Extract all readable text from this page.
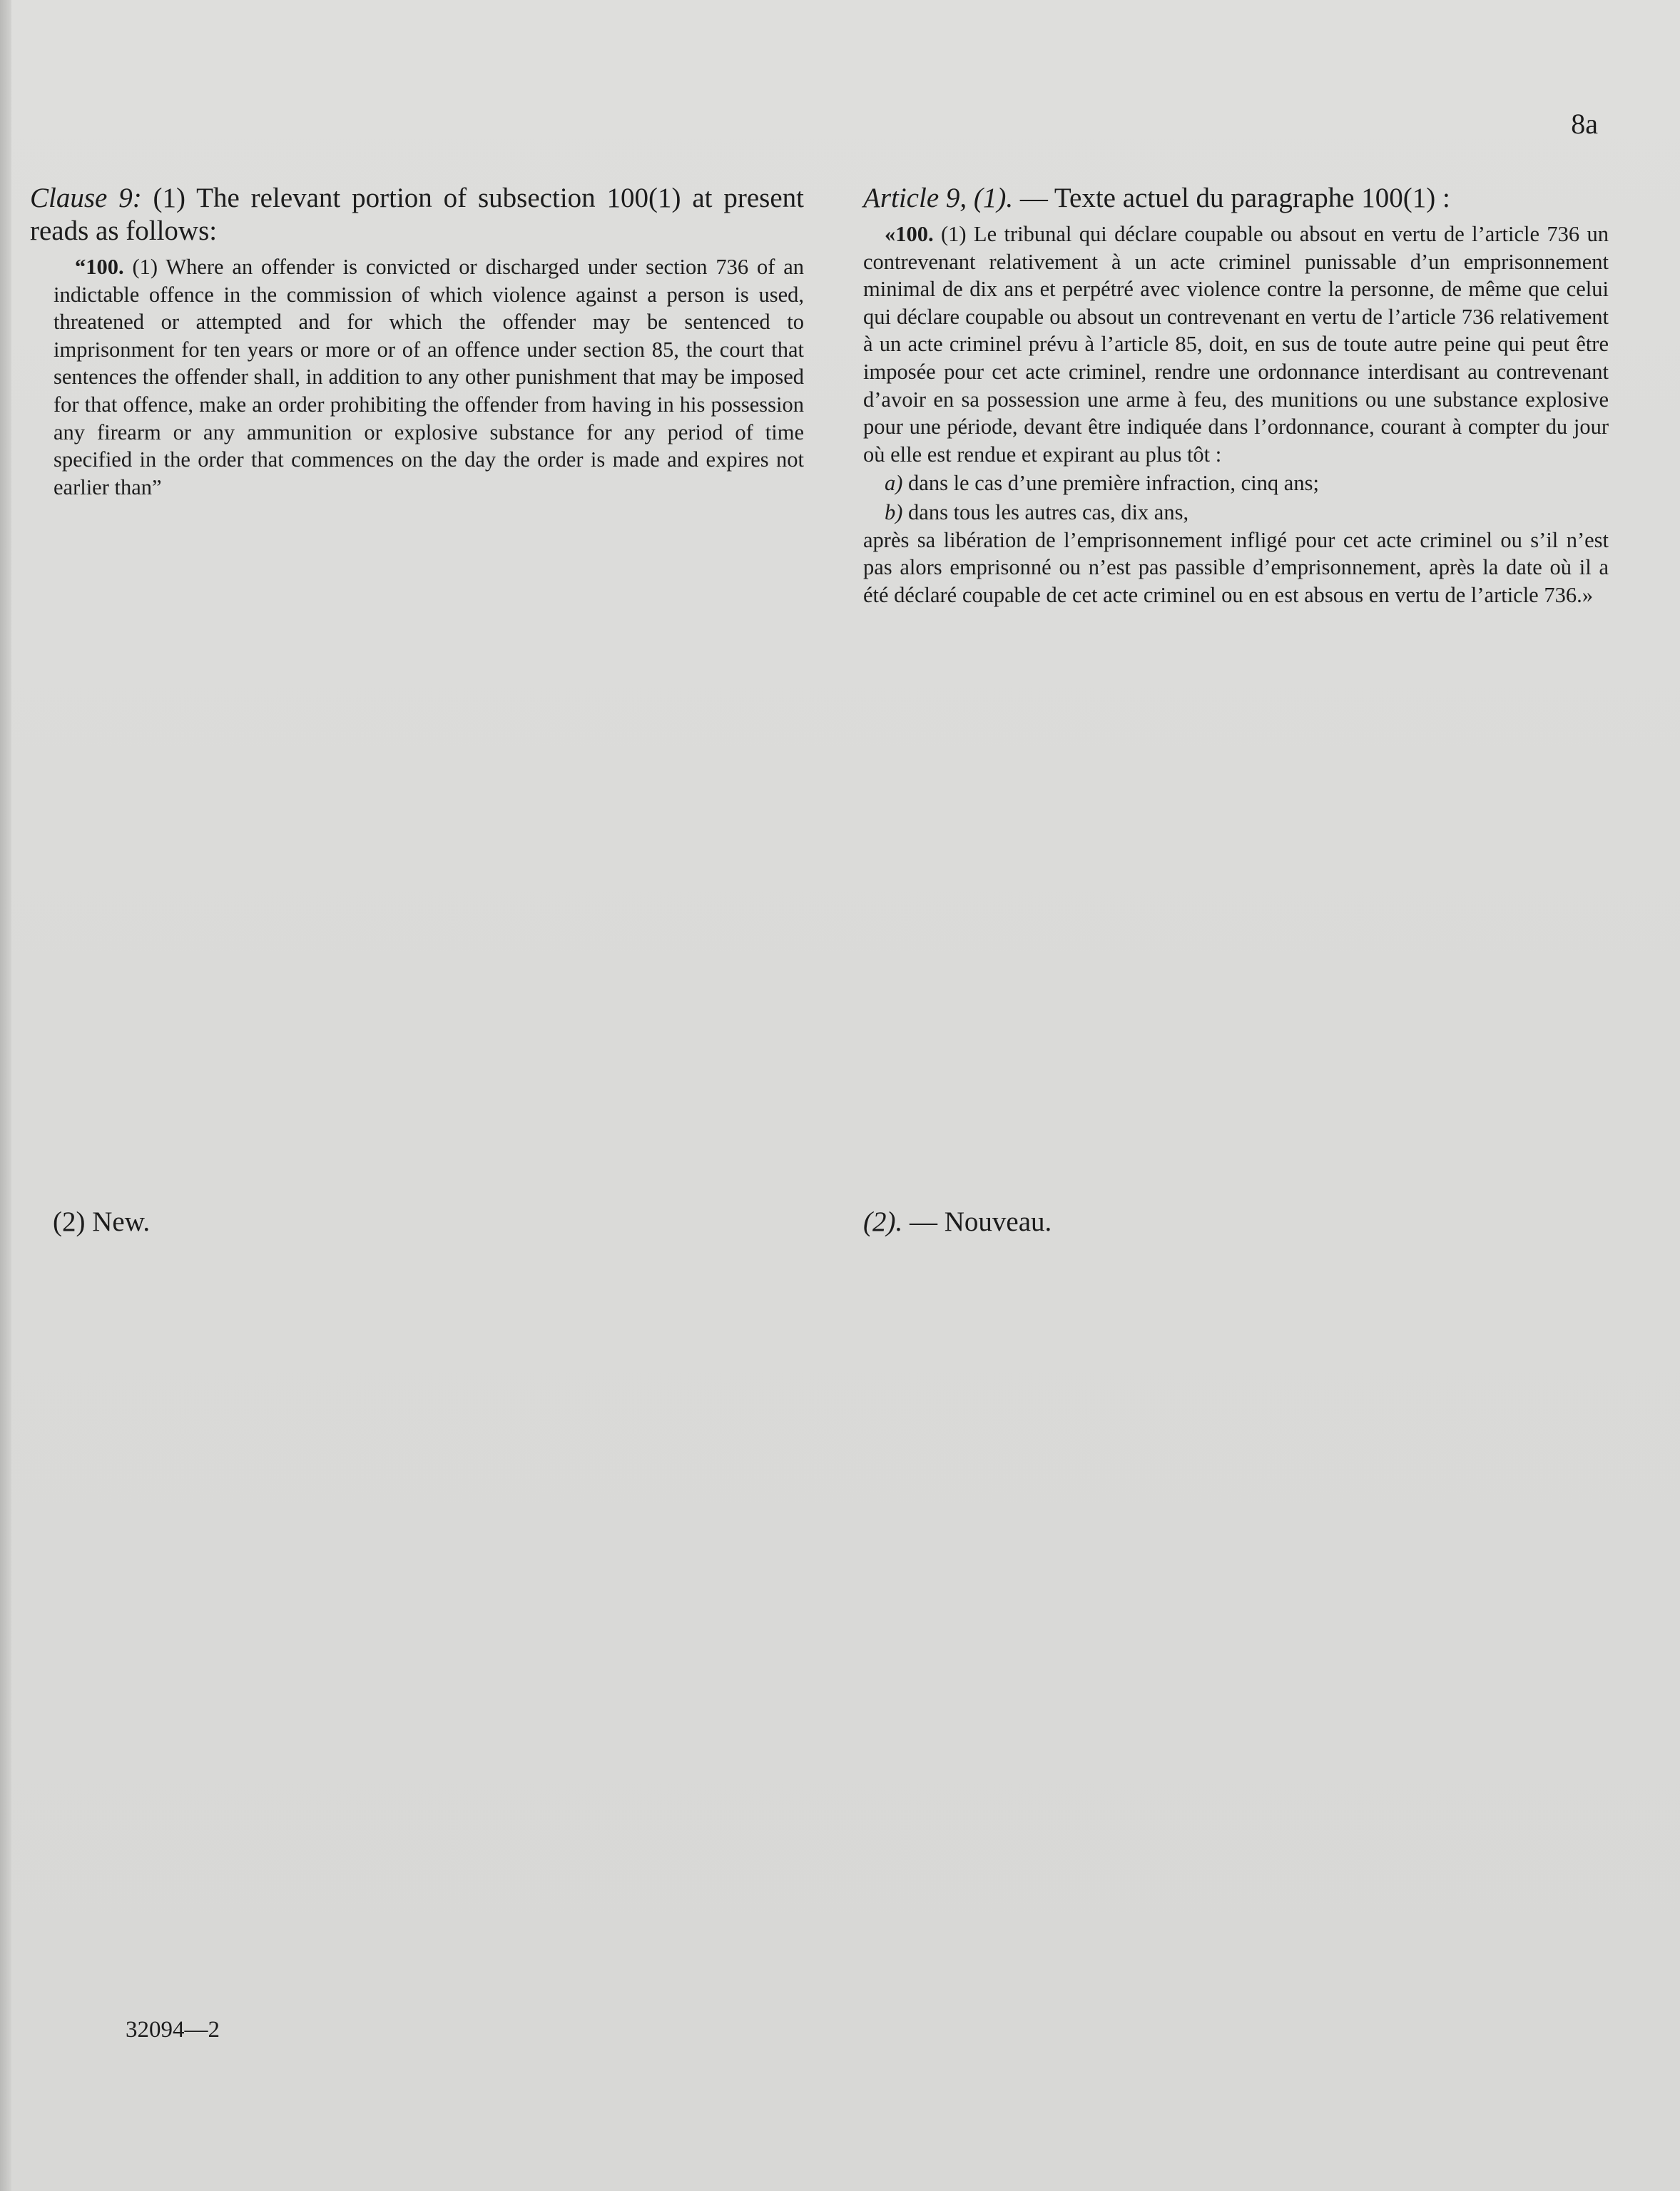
8a

Clause 9: (1) The relevant portion of subsection 100(1) at present reads as follows:

“100. (1) Where an offender is convicted or discharged under section 736 of an indictable offence in the commission of which violence against a person is used, threatened or attempted and for which the offender may be sentenced to imprisonment for ten years or more or of an offence under section 85, the court that sentences the offender shall, in addition to any other punishment that may be imposed for that offence, make an order prohibiting the offender from having in his possession any firearm or any ammunition or explosive substance for any period of time specified in the order that commences on the day the order is made and expires not earlier than”

Article 9, (1). — Texte actuel du paragraphe 100(1) :

«100. (1) Le tribunal qui déclare coupable ou absout en vertu de l’article 736 un contrevenant relativement à un acte criminel punissable d’un emprisonnement minimal de dix ans et perpétré avec violence contre la personne, de même que celui qui déclare coupable ou absout un contrevenant en vertu de l’article 736 relativement à un acte criminel prévu à l’article 85, doit, en sus de toute autre peine qui peut être imposée pour cet acte criminel, rendre une ordonnance interdisant au contrevenant d’avoir en sa possession une arme à feu, des munitions ou une substance explosive pour une période, devant être indiquée dans l’ordonnance, courant à compter du jour où elle est rendue et expirant au plus tôt :

a) dans le cas d’une première infraction, cinq ans;

b) dans tous les autres cas, dix ans,

après sa libération de l’emprisonnement infligé pour cet acte criminel ou s’il n’est pas alors emprisonné ou n’est pas passible d’emprisonnement, après la date où il a été déclaré coupable de cet acte criminel ou en est absous en vertu de l’article 736.»

(2) New.	(2). — Nouveau.
32094—2
